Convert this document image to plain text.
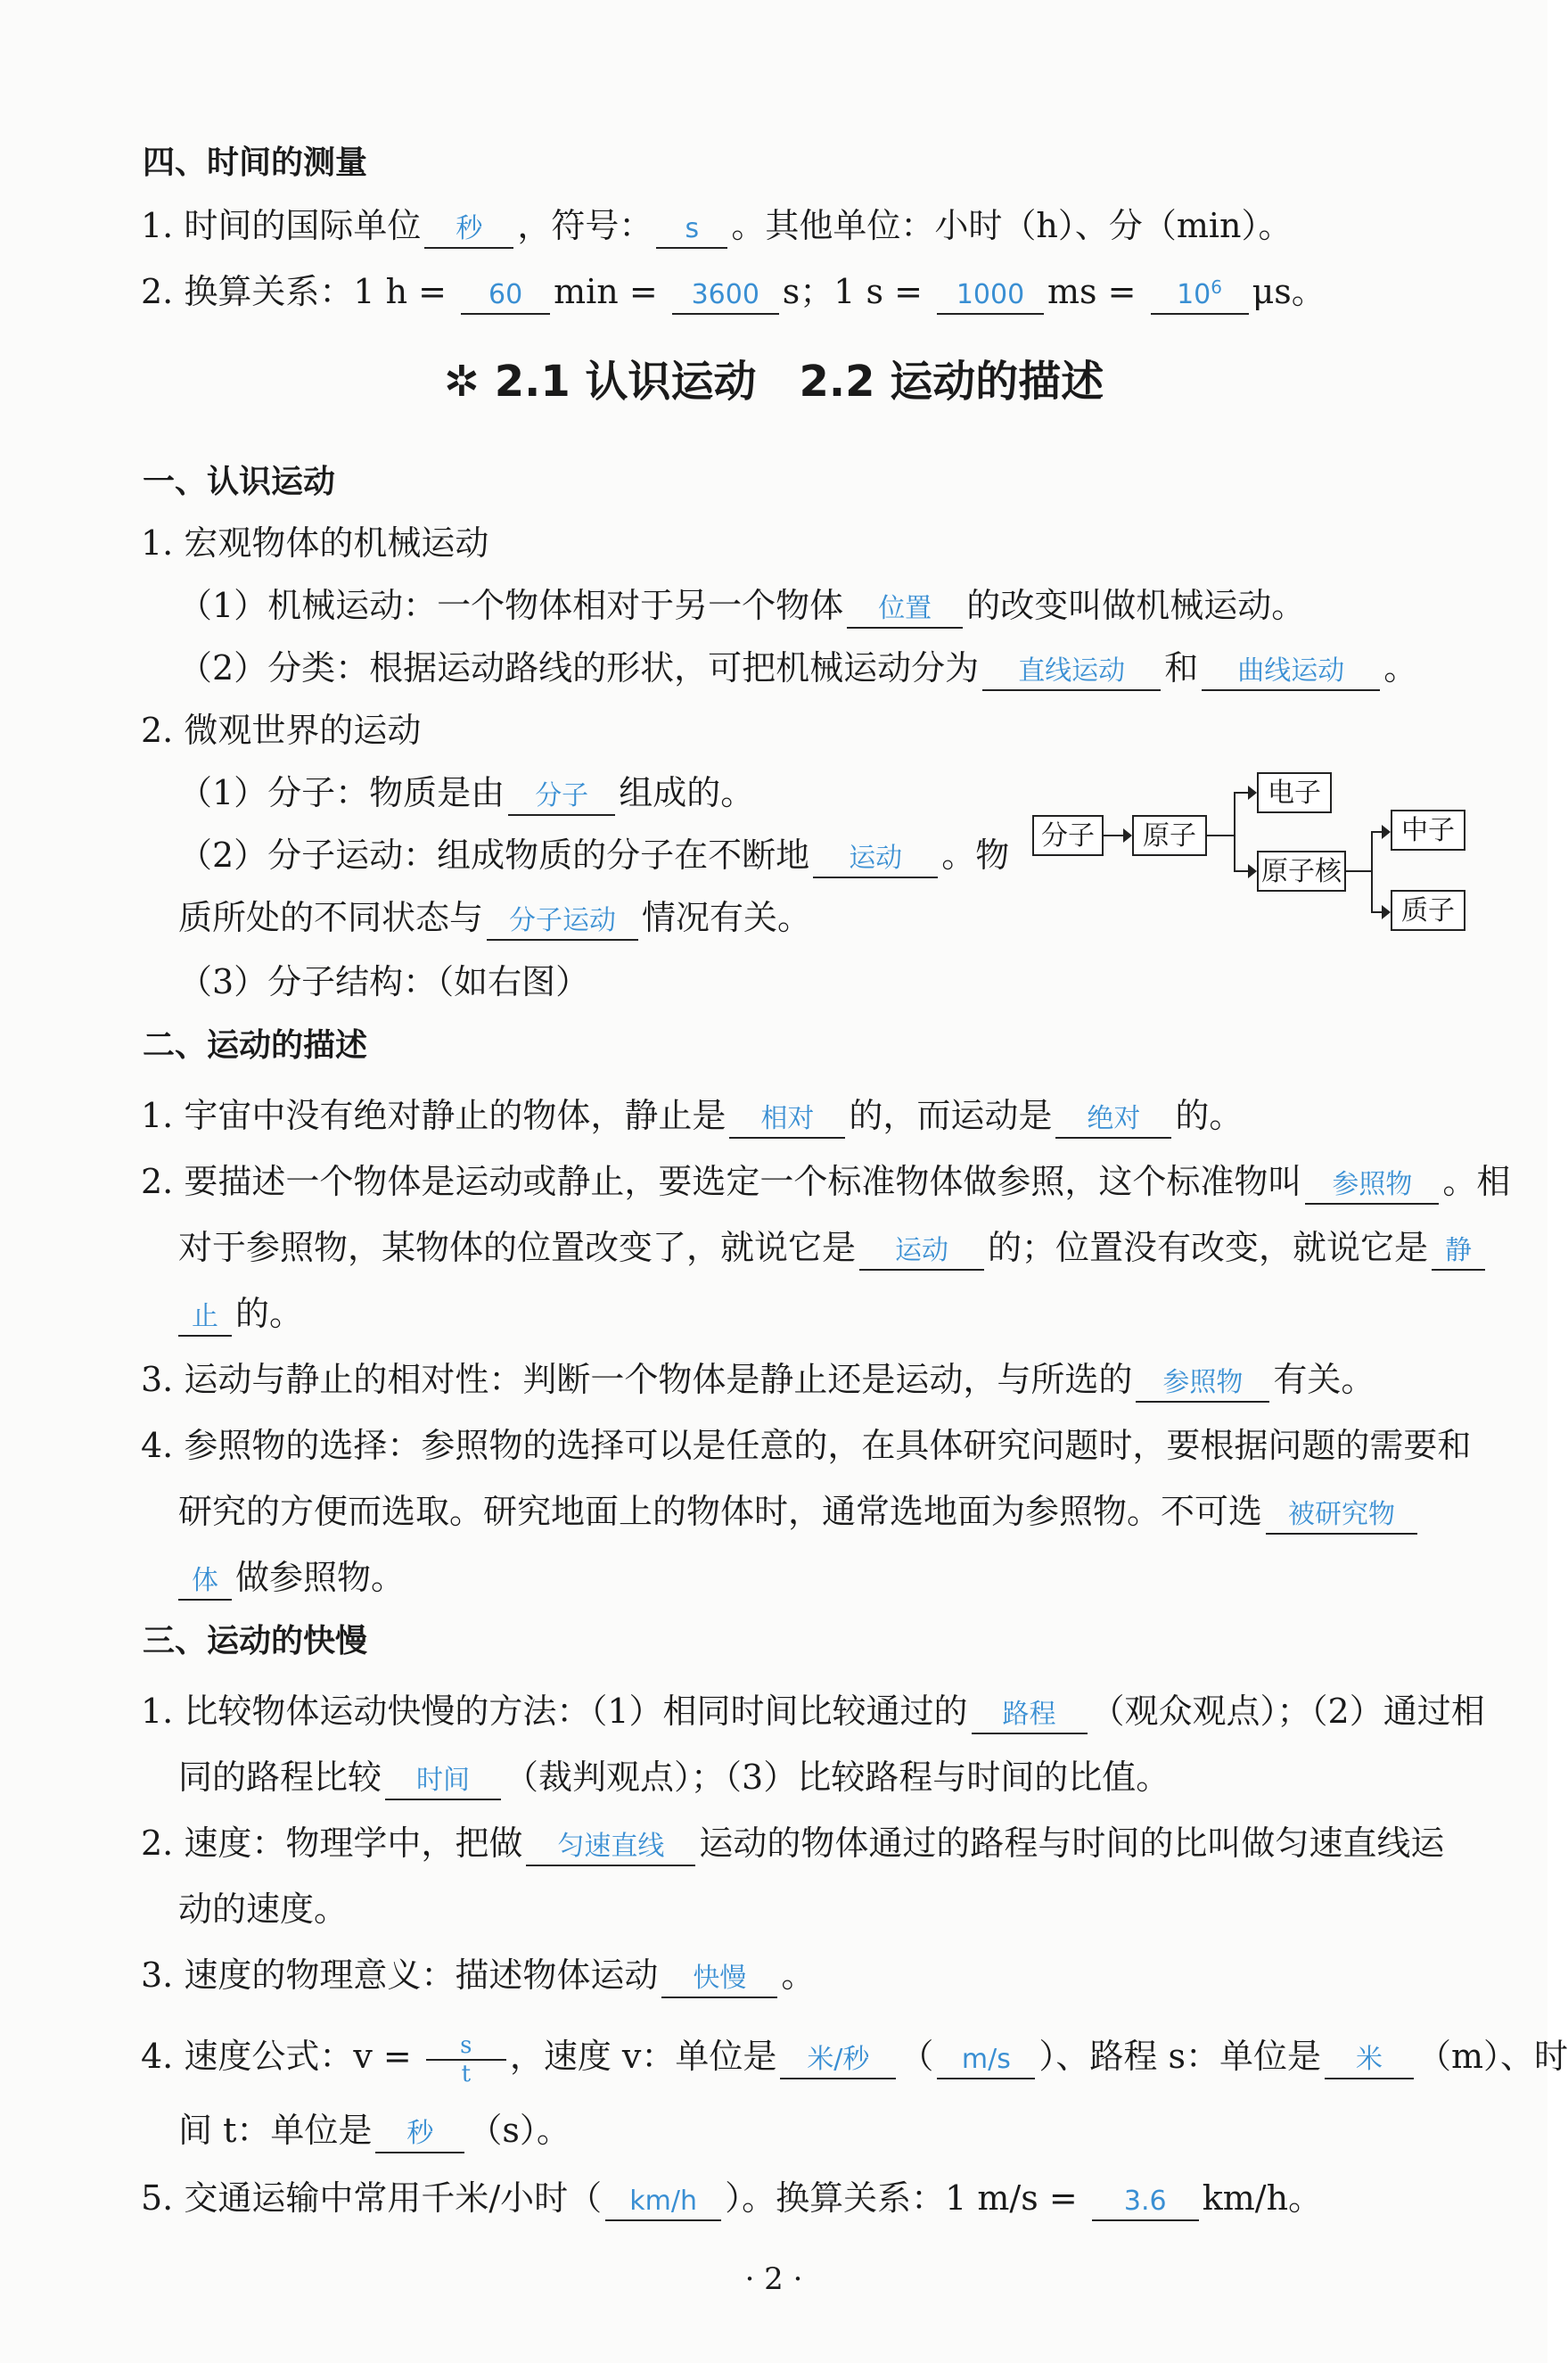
四、时间的测量
1. 时间的国际单位 秒 ，符号： s 。其他单位：小时（h）、分（min）。
2. 换算关系：1 h = 60 min = 3600 s；1 s = 1000 ms = $10^6$ μs。
✲ 2.1 认识运动　2.2 运动的描述
一、认识运动
1. 宏观物体的机械运动
（1）机械运动：一个物体相对于另一个物体 位置 的改变叫做机械运动。
（2）分类：根据运动路线的形状，可把机械运动分为 直线运动 和 曲线运动 。
2. 微观世界的运动
（1）分子：物质是由 分子 组成的。
（2）分子运动：组成物质的分子在不断地 运动 。物
质所处的不同状态与 分子运动 情况有关。
（3）分子结构：（如右图）
分子	原子
电子
原子核
中子
质子
二、运动的描述
1. 宇宙中没有绝对静止的物体，静止是 相对 的，而运动是 绝对 的。
2. 要描述一个物体是运动或静止，要选定一个标准物体做参照，这个标准物叫 参照物 。相
对于参照物，某物体的位置改变了，就说它是 运动 的；位置没有改变，就说它是 静
止 的。
3. 运动与静止的相对性：判断一个物体是静止还是运动，与所选的 参照物 有关。
4. 参照物的选择：参照物的选择可以是任意的，在具体研究问题时，要根据问题的需要和
研究的方便而选取。研究地面上的物体时，通常选地面为参照物。不可选 被研究物
体 做参照物。
三、运动的快慢
1. 比较物体运动快慢的方法：（1）相同时间比较通过的 路程 （观众观点）；（2）通过相
同的路程比较 时间 （裁判观点）；（3）比较路程与时间的比值。
2. 速度：物理学中，把做 匀速直线 运动的物体通过的路程与时间的比叫做匀速直线运
动的速度。
3. 速度的物理意义：描述物体运动 快慢 。
4. 速度公式：$v = \frac{s}{t}$ ，速度 v：单位是 米/秒 （ m/s ）、路程 s：单位是 米 （m）、时
间 t：单位是 秒 （s）。
5. 交通运输中常用千米/小时（ km/h ）。换算关系：1 m/s = 3.6 km/h。
· 2 ·
